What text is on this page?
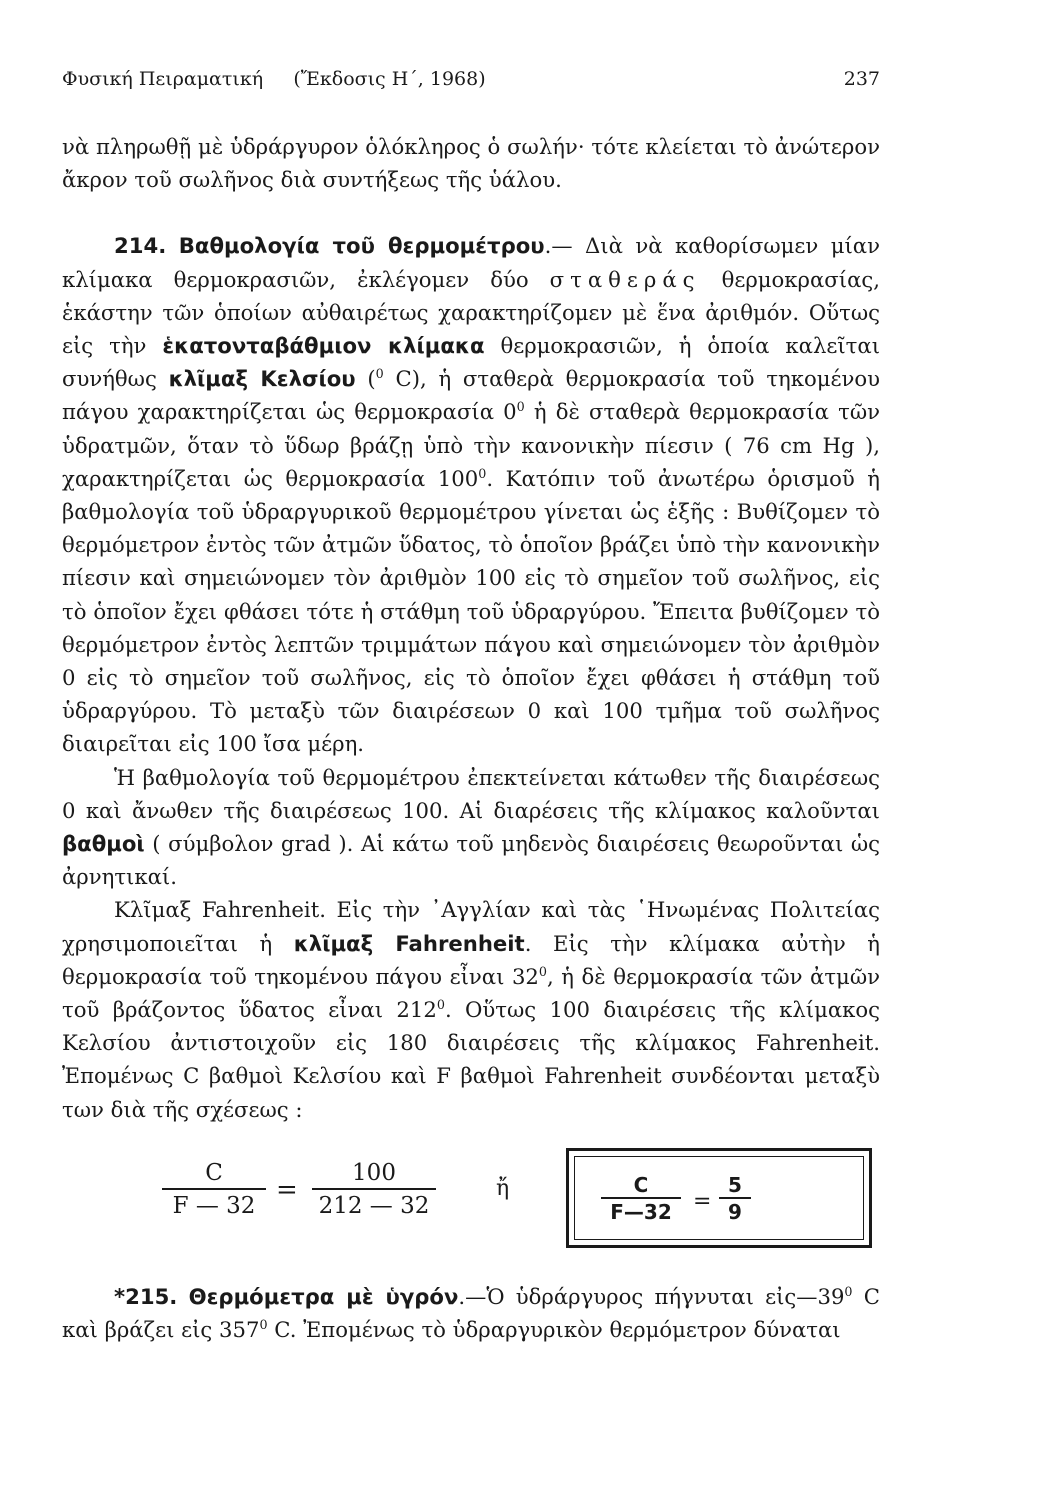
Φυσική Πειραματική (Ἔκδοσις Η΄, 1968)	237

νὰ πληρωθῇ μὲ ὑδράργυρον ὁλόκληρος ὁ σωλήν· τότε κλείεται τὸ ἀνώτερον ἄκρον τοῦ σωλῆνος διὰ συντήξεως τῆς ὑάλου.

214. Βαθμολογία τοῦ θερμομέτρου.— Διὰ νὰ καθορίσωμεν μίαν κλίμακα θερμοκρασιῶν, ἐκλέγομεν δύο σταθεράς θερμοκρασίας, ἑκάστην τῶν ὁποίων αὐθαιρέτως χαρακτηρίζομεν μὲ ἕνα ἀριθμόν. Οὕτως εἰς τὴν ἑκατονταβάθμιον κλίμακα θερμοκρασιῶν, ἡ ὁποία καλεῖται συνήθως κλῖμαξ Κελσίου ($^0$ C), ἡ σταθερὰ θερμοκρασία τοῦ τηκομένου πάγου χαρακτηρίζεται ὡς θερμοκρασία $0^0$ ἡ δὲ σταθερὰ θερμοκρασία τῶν ὑδρατμῶν, ὅταν τὸ ὕδωρ βράζῃ ὑπὸ τὴν κανονικὴν πίεσιν ( 76 cm Hg ), χαρακτηρίζεται ὡς θερμοκρασία $100^0$. Κατόπιν τοῦ ἀνωτέρω ὁρισμοῦ ἡ βαθμολογία τοῦ ὑδραργυρικοῦ θερμομέτρου γίνεται ὡς ἑξῆς : Βυθίζομεν τὸ θερμόμετρον ἐντὸς τῶν ἀτμῶν ὕδατος, τὸ ὁποῖον βράζει ὑπὸ τὴν κανονικὴν πίεσιν καὶ σημειώνομεν τὸν ἀριθμὸν 100 εἰς τὸ σημεῖον τοῦ σωλῆνος, εἰς τὸ ὁποῖον ἔχει φθάσει τότε ἡ στάθμη τοῦ ὑδραργύρου. Ἔπειτα βυθίζομεν τὸ θερμόμετρον ἐντὸς λεπτῶν τριμμάτων πάγου καὶ σημειώνομεν τὸν ἀριθμὸν 0 εἰς τὸ σημεῖον τοῦ σωλῆνος, εἰς τὸ ὁποῖον ἔχει φθάσει ἡ στάθμη τοῦ ὑδραργύρου. Τὸ μεταξὺ τῶν διαιρέσεων 0 καὶ 100 τμῆμα τοῦ σωλῆνος διαιρεῖται εἰς 100 ἴσα μέρη.

Ἡ βαθμολογία τοῦ θερμομέτρου ἐπεκτείνεται κάτωθεν τῆς διαιρέσεως 0 καὶ ἄνωθεν τῆς διαιρέσεως 100. Αἱ διαρέσεις τῆς κλίμακος καλοῦνται βαθμοὶ ( σύμβολον grad ). Αἱ κάτω τοῦ μηδενὸς διαιρέσεις θεωροῦνται ὡς ἀρνητικαί.

Κλῖμαξ Fahrenheit. Εἰς τὴν ᾿Αγγλίαν καὶ τὰς ῾Ηνωμένας Πολιτείας χρησιμοποιεῖται ἡ κλῖμαξ Fahrenheit. Εἰς τὴν κλίμακα αὐτὴν ἡ θερμοκρασία τοῦ τηκομένου πάγου εἶναι $32^0$, ἡ δὲ θερμοκρασία τῶν ἀτμῶν τοῦ βράζοντος ὕδατος εἶναι $212^0$. Οὕτως 100 διαιρέσεις τῆς κλίμακος Κελσίου ἀντιστοιχοῦν εἰς 180 διαιρέσεις τῆς κλίμακος Fahrenheit. Ἐπομένως C βαθμοὶ Κελσίου καὶ F βαθμοὶ Fahrenheit συνδέονται μεταξὺ των διὰ τῆς σχέσεως :

C
F — 32
=
100
212 — 32
ἤ	C
F—32 =
5
9

*215. Θερμόμετρα μὲ ὑγρόν.—Ὁ ὑδράργυρος πήγνυται $\varepsilon ἰ\varsigma—39^0$ C καὶ βράζει εἰς $357^0$ C. Ἐπομένως τὸ ὑδραργυρικὸν θερμόμετρον δύναται
